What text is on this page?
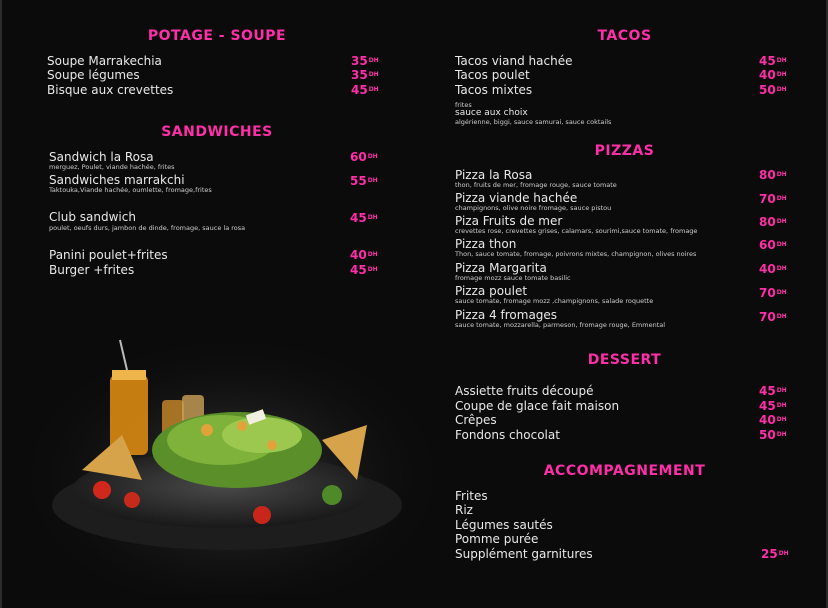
POTAGE - SOUPE
Soupe Marrakechia	$35^{DH}$
Soupe légumes	$35^{DH}$
Bisque aux crevettes	$45^{DH}$
SANDWICHES
Sandwich la Rosa
merguez, Poulet, viande hachée, frites
$60^{DH}$
Sandwiches marrakchi
Taktouka,Viande hachée, oumlette, fromage,frites
$55^{DH}$
Club sandwich
poulet, oeufs durs, jambon de dinde, fromage, sauce la rosa
$45^{DH}$
Panini poulet+frites	$40^{DH}$
Burger +frites	$45^{DH}$
TACOS
Tacos viand hachée	$45^{DH}$
Tacos poulet	$40^{DH}$
Tacos mixtes	$50^{DH}$
frites
sauce aux choix
algérienne, biggi, sauce samurai, sauce coktails
PIZZAS
Pizza la Rosa
thon, fruits de mer, fromage rouge, sauce tomate
$80^{DH}$
Pizza viande hachée
champignons, olive noire fromage, sauce pistou
$70^{DH}$
Piza Fruits de mer
crevettes rose, crevettes grises, calamars, sourimi,sauce tomate, fromage
$80^{DH}$
Pizza thon
Thon, sauce tomate, fromage, poivrons mixtes, champignon, olives noires
$60^{DH}$
Pizza Margarita
fromage mozz sauce tomate basilic
$40^{DH}$
Pizza poulet
sauce tomate, fromage mozz ,champignons, salade roquette
$70^{DH}$
Pizza 4 fromages
sauce tomate, mozzarella, parmeson, fromage rouge, Emmental
$70^{DH}$
DESSERT
Assiette fruits découpé	$45^{DH}$
Coupe de glace fait maison	$45^{DH}$
Crêpes	$40^{DH}$
Fondons chocolat	$50^{DH}$
ACCOMPAGNEMENT
Frites
Riz
Légumes sautés
Pomme purée
Supplément garnitures	$25^{DH}$
